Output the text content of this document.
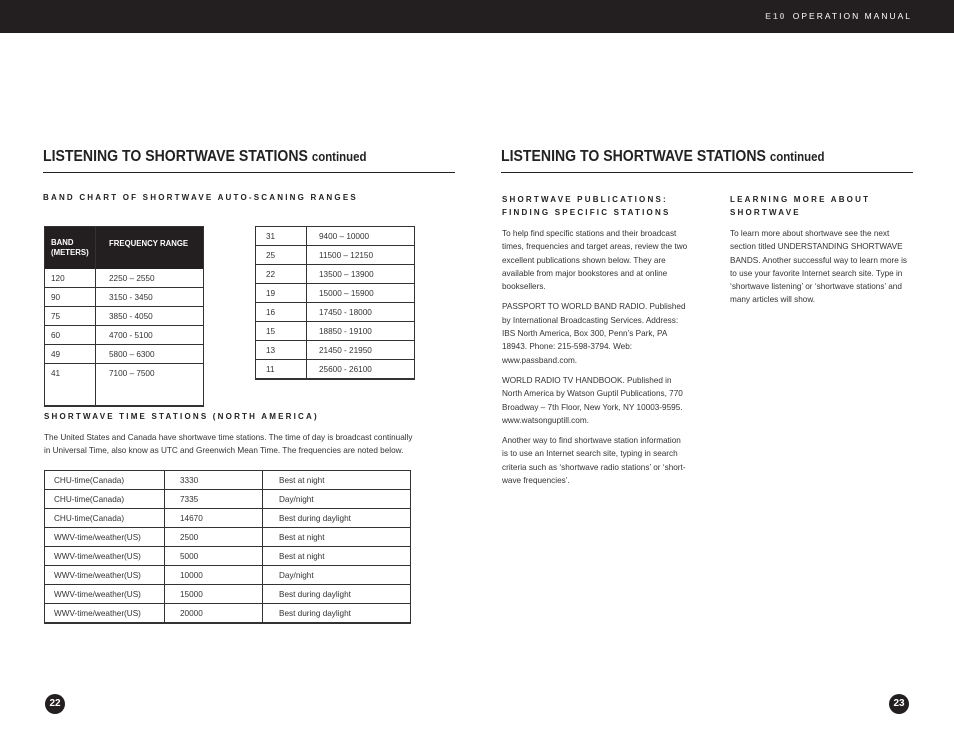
E10 OPERATION MANUAL
LISTENING TO SHORTWAVE STATIONS continued
BAND CHART OF SHORTWAVE AUTO-SCANING RANGES
BAND (METERS)	FREQUENCY RANGE
120	2250 – 2550
90	3150 - 3450
75	3850 - 4050
60	4700 - 5100
49	5800 – 6300
41	7100 – 7500
31	9400 – 10000
25	11500 – 12150
22	13500 – 13900
19	15000 – 15900
16	17450 - 18000
15	18850 - 19100
13	21450 - 21950
11	25600 - 26100
SHORTWAVE TIME STATIONS (NORTH AMERICA)
The United States and Canada have shortwave time stations. The time of day is broadcast continually in Universal Time, also know as UTC and Greenwich Mean Time. The frequencies are noted below.
CHU-time(Canada)	3330	Best at night
CHU-time(Canada)	7335	Day/night
CHU-time(Canada)	14670	Best during daylight
WWV-time/weather(US)	2500	Best at night
WWV-time/weather(US)	5000	Best at night
WWV-time/weather(US)	10000	Day/night
WWV-time/weather(US)	15000	Best during daylight
WWV-time/weather(US)	20000	Best during daylight
22
LISTENING TO SHORTWAVE STATIONS continued
SHORTWAVE PUBLICATIONS:
FINDING SPECIFIC STATIONS

To help find specific stations and their broadcast times, frequencies and target areas, review the two excellent publications shown below. They are available from major bookstores and at online booksellers.

PASSPORT TO WORLD BAND RADIO. Published by International Broadcasting Services. Address: IBS North America, Box 300, Penn’s Park, PA 18943. Phone: 215-598-3794. Web: www.passband.com.

WORLD RADIO TV HANDBOOK. Published in North America by Watson Guptil Publications, 770 Broadway – 7th Floor, New York, NY 10003-9595. www.watsonguptill.com.

Another way to find shortwave station information is to use an Internet search site, typing in search criteria such as ‘shortwave radio stations’ or ‘short-wave frequencies’.

LEARNING MORE ABOUT
SHORTWAVE
To learn more about shortwave see the next section titled UNDERSTANDING SHORTWAVE BANDS. Another successful way to learn more is to use your favorite Internet search site. Type in ‘shortwave listening’ or ‘shortwave stations’ and many articles will show.
23
